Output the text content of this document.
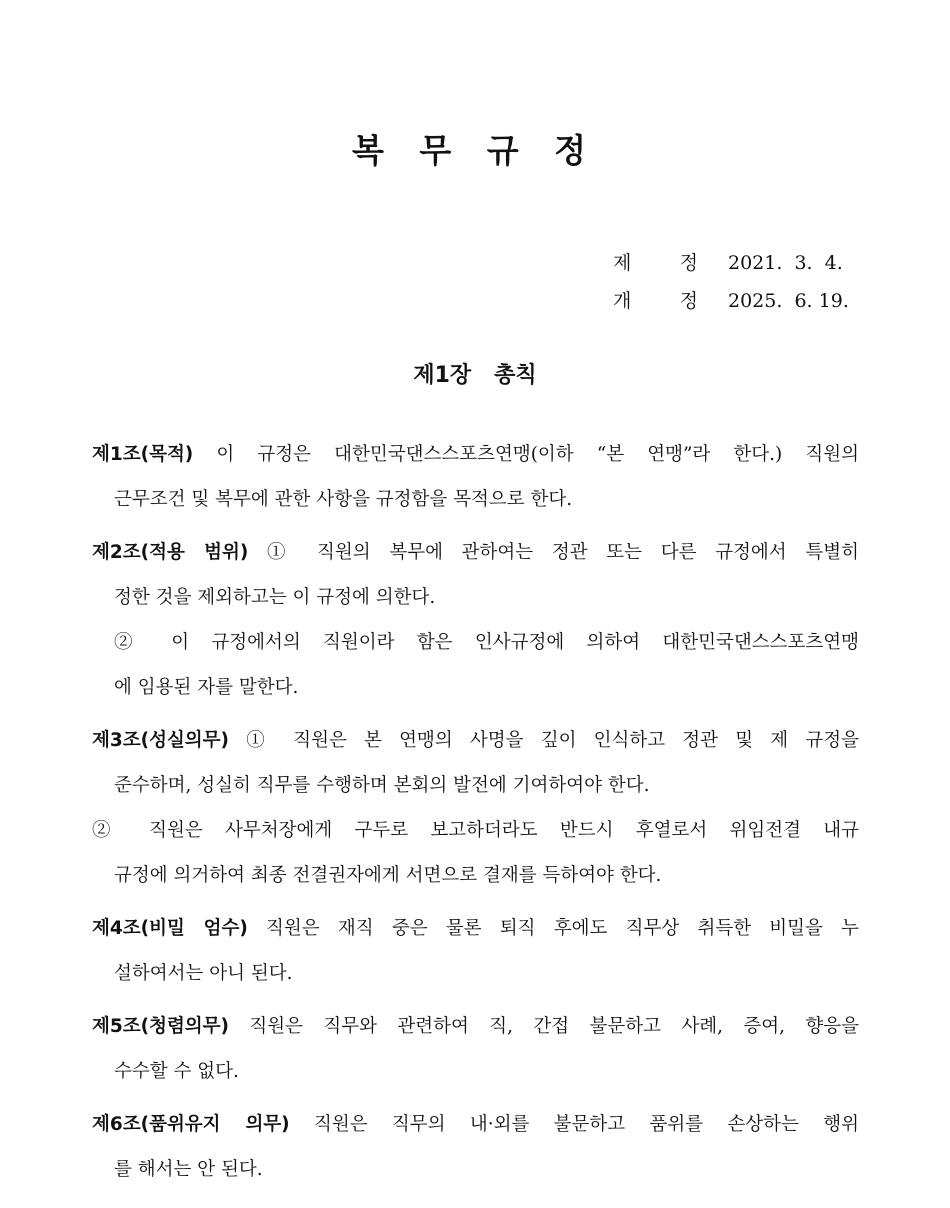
복 무 규 정
제 정 2021.  3.  4.
개 정 2025.  6. 19.
제1장   총칙
제1조(목적) 이 규정은 대한민국댄스스포츠연맹(이하 “본 연맹”라 한다.) 직원의
근무조건 및 복무에 관한 사항을 규정함을 목적으로 한다.
제2조(적용 범위) ① 직원의 복무에 관하여는 정관 또는 다른 규정에서 특별히
정한 것을 제외하고는 이 규정에 의한다.
② 이 규정에서의 직원이라 함은 인사규정에 의하여 대한민국댄스스포츠연맹
에 임용된 자를 말한다.
제3조(성실의무) ① 직원은 본 연맹의 사명을 깊이 인식하고 정관 및 제 규정을
준수하며, 성실히 직무를 수행하며 본회의 발전에 기여하여야 한다.
② 직원은 사무처장에게 구두로 보고하더라도 반드시 후열로서 위임전결 내규
규정에 의거하여 최종 전결권자에게 서면으로 결재를 득하여야 한다.
제4조(비밀 엄수) 직원은 재직 중은 물론 퇴직 후에도 직무상 취득한 비밀을 누
설하여서는 아니 된다.
제5조(청렴의무) 직원은 직무와 관련하여 직, 간접 불문하고 사례, 증여, 향응을
수수할 수 없다.
제6조(품위유지 의무) 직원은 직무의 내·외를 불문하고 품위를 손상하는 행위
를 해서는 안 된다.
